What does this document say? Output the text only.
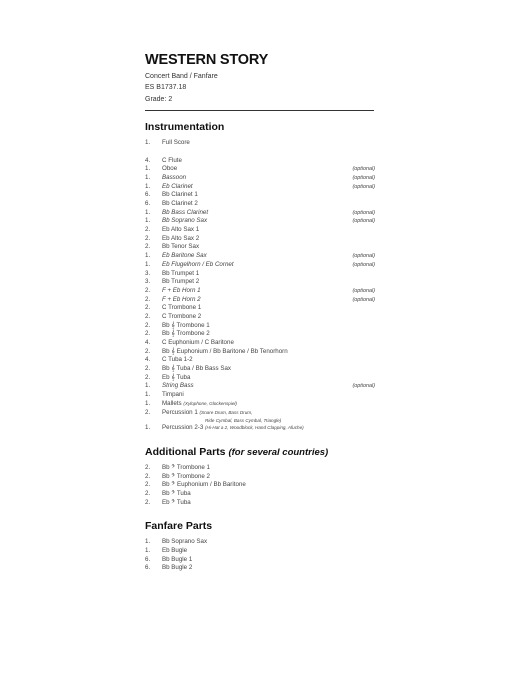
WESTERN STORY
Concert Band / Fanfare
ES B1737.18
Grade: 2
Instrumentation
1.	Full Score
4.	C Flute
1.	Oboe	(optional)
1.	Bassoon	(optional)
1.	Eb Clarinet	(optional)
6.	Bb Clarinet 1
6.	Bb Clarinet 2
1.	Bb Bass Clarinet	(optional)
1.	Bb Soprano Sax	(optional)
2.	Eb Alto Sax 1
2.	Eb Alto Sax 2
2.	Bb Tenor Sax
1.	Eb Baritone Sax	(optional)
1.	Eb Flugelhorn / Eb Cornet	(optional)
3.	Bb Trumpet 1
3.	Bb Trumpet 2
2.	F + Eb Horn 1	(optional)
2.	F + Eb Horn 2	(optional)
2.	C Trombone 1
2.	C Trombone 2
2.	Bb 𝄞 Trombone 1
2.	Bb 𝄞 Trombone 2
4.	C Euphonium / C Baritone
2.	Bb 𝄞 Euphonium / Bb Baritone / Bb Tenorhorn
4.	C Tuba 1-2
2.	Bb 𝄞 Tuba / Bb Bass Sax
2.	Eb 𝄞 Tuba
1.	String Bass	(optional)
1.	Timpani
1.	Mallets (Xylophone, Glockenspiel)
2.	Percussion 1 (Snare Drum, Bass Drum,
Ride Cymbal, Bass Cymbal, Triangle)
1.	Percussion 2-3 (Hi-Hat a 2, Woodblock, Hand Clapping, Afuche)
Additional Parts (for several countries)
2.	Bb 𝄢 Trombone 1
2.	Bb 𝄢 Trombone 2
2.	Bb 𝄢 Euphonium / Bb Baritone
2.	Bb 𝄢 Tuba
2.	Eb 𝄢 Tuba
Fanfare Parts
1.	Bb Soprano Sax
1.	Eb Bugle
6.	Bb Bugle 1
6.	Bb Bugle 2
